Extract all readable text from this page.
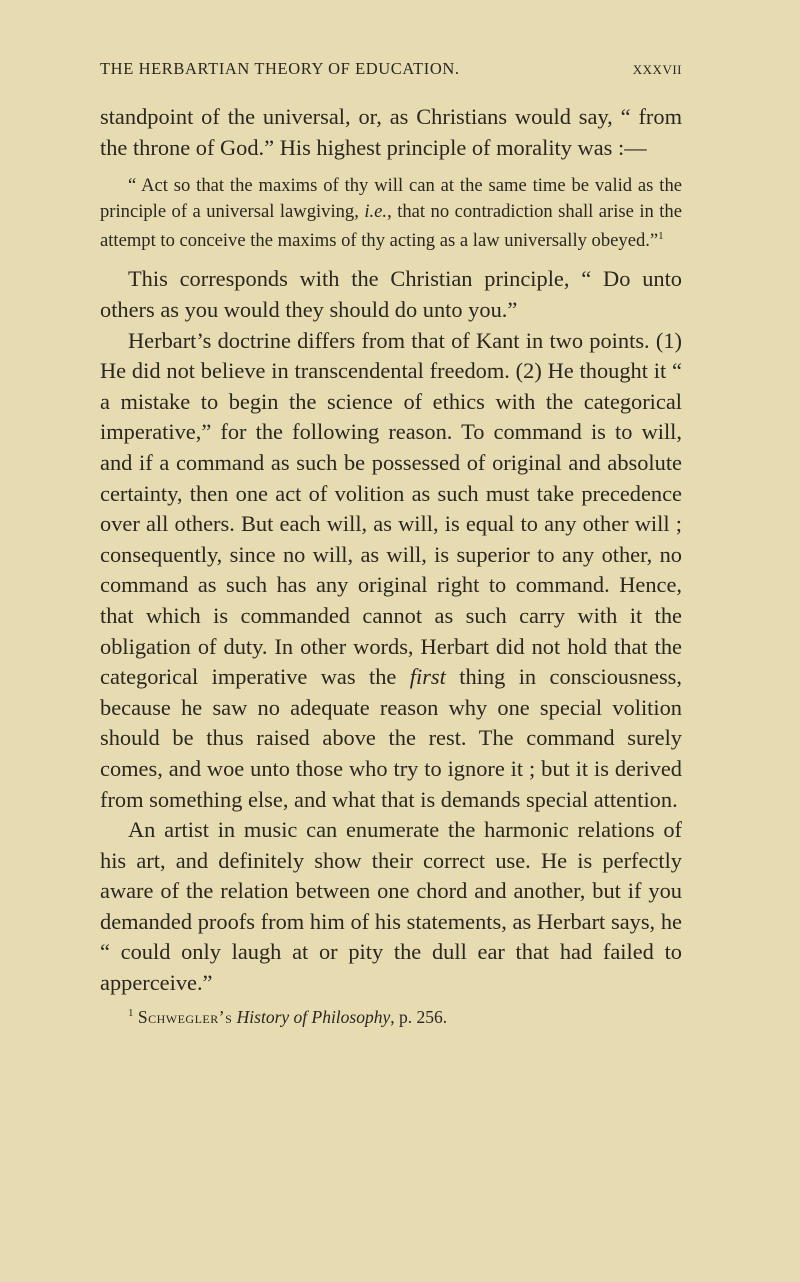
THE HERBARTIAN THEORY OF EDUCATION.	xxxvii

standpoint of the universal, or, as Christians would say, “ from the throne of God.” His highest principle of morality was :—

“ Act so that the maxims of thy will can at the same time be valid as the principle of a universal lawgiving, i.e., that no contradiction shall arise in the attempt to conceive the maxims of thy acting as a law universally obeyed.”$^1$

This corresponds with the Christian principle, “ Do unto others as you would they should do unto you.”

Herbart’s doctrine differs from that of Kant in two points. (1) He did not believe in transcendental freedom. (2) He thought it “ a mistake to begin the science of ethics with the categorical imperative,” for the following reason. To command is to will, and if a command as such be possessed of original and absolute certainty, then one act of volition as such must take precedence over all others. But each will, as will, is equal to any other will ; consequently, since no will, as will, is superior to any other, no command as such has any original right to command. Hence, that which is commanded cannot as such carry with it the obligation of duty. In other words, Herbart did not hold that the categorical imperative was the first thing in consciousness, because he saw no adequate reason why one special volition should be thus raised above the rest. The command surely comes, and woe unto those who try to ignore it ; but it is derived from something else, and what that is demands special attention.

An artist in music can enumerate the harmonic relations of his art, and definitely show their correct use. He is perfectly aware of the relation between one chord and another, but if you demanded proofs from him of his statements, as Herbart says, he “ could only laugh at or pity the dull ear that had failed to apperceive.”

$^1$ Schwegler’s History of Philosophy, p. 256.
